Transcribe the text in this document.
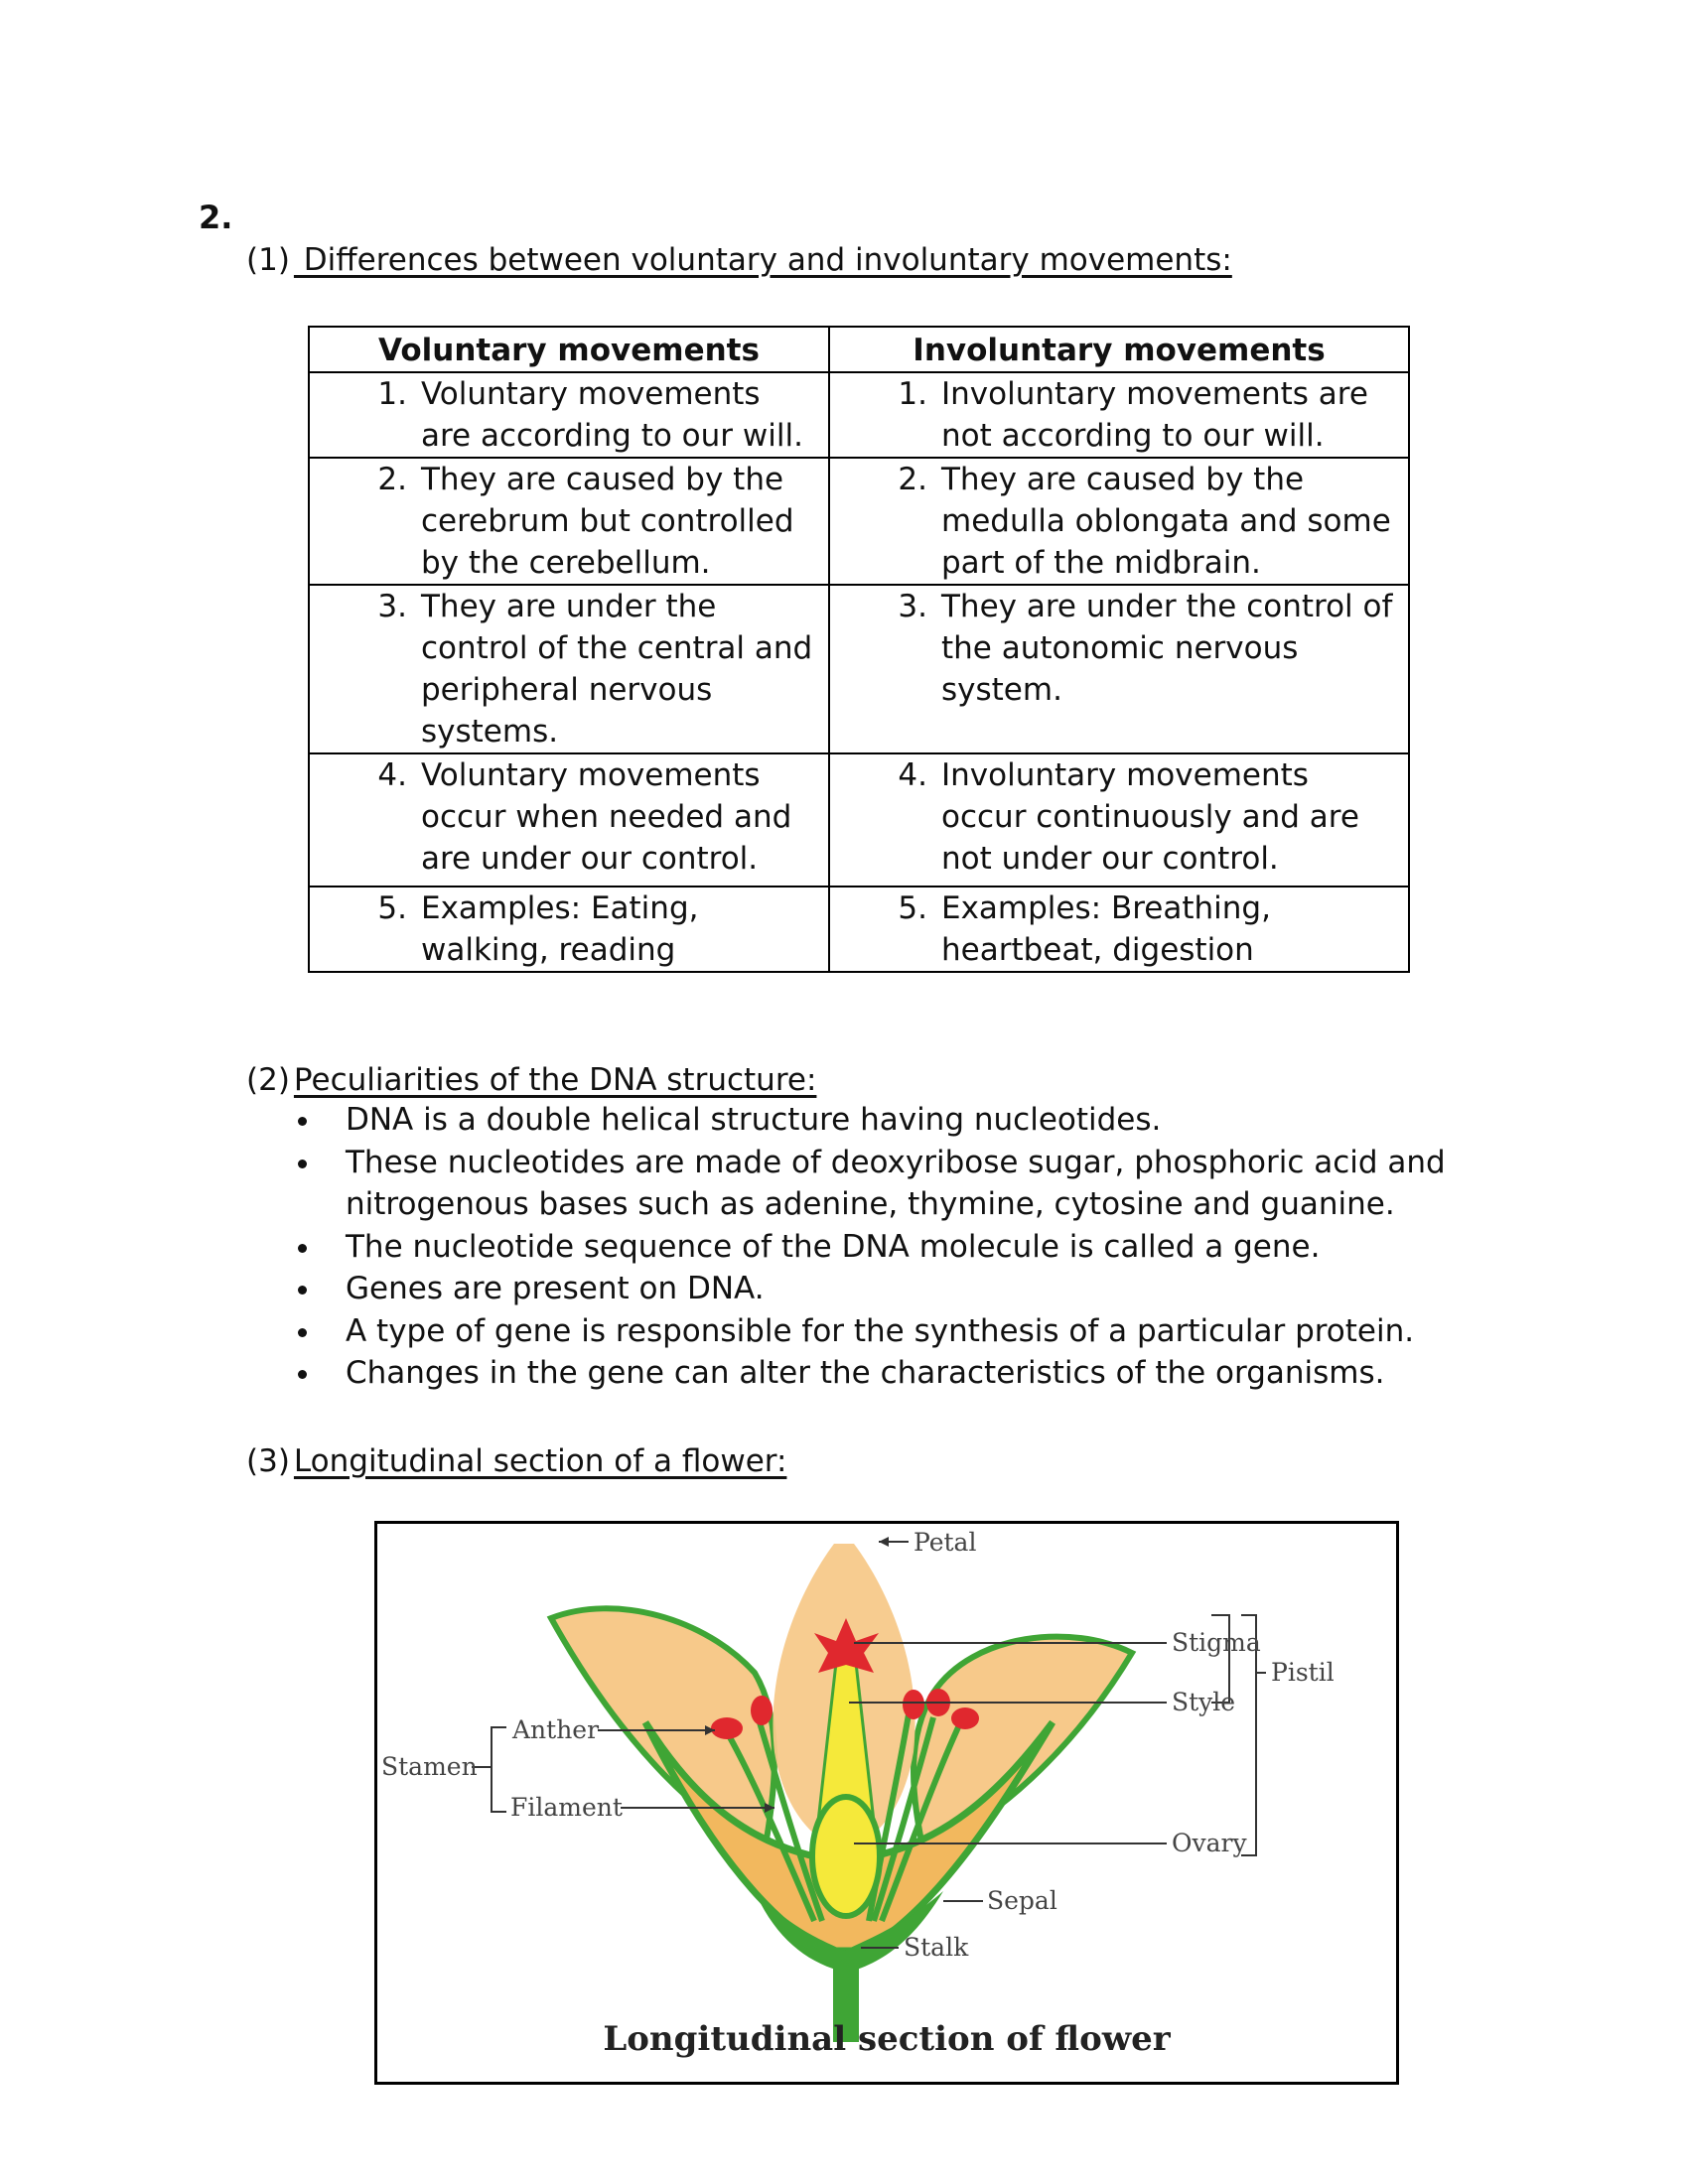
2.
(1) Differences between voluntary and involuntary movements:
Voluntary movements	Involuntary movements

1. Voluntary movements are according to our will.	1. Involuntary movements are not according to our will.

2. They are caused by the cerebrum but controlled by the cerebellum.	2. They are caused by the medulla oblongata and some part of the midbrain.

3. They are under the control of the central and peripheral nervous systems.	3. They are under the control of the autonomic nervous system.

4. Voluntary movements occur when needed and are under our control.	4. Involuntary movements occur continuously and are not under our control.

5. Examples: Eating, walking, reading	5. Examples: Breathing, heartbeat, digestion
(2) Peculiarities of the DNA structure:
DNA is a double helical structure having nucleotides.
These nucleotides are made of deoxyribose sugar, phosphoric acid and nitrogenous bases such as adenine, thymine, cytosine and guanine.
The nucleotide sequence of the DNA molecule is called a gene.
Genes are present on DNA.
A type of gene is responsible for the synthesis of a particular protein.
Changes in the gene can alter the characteristics of the organisms.
(3) Longitudinal section of a flower:
Petal
Stigma
Style
Pistil
Ovary
Sepal
Stalk
Stamen
Anther
Filament
Longitudinal section of flower
